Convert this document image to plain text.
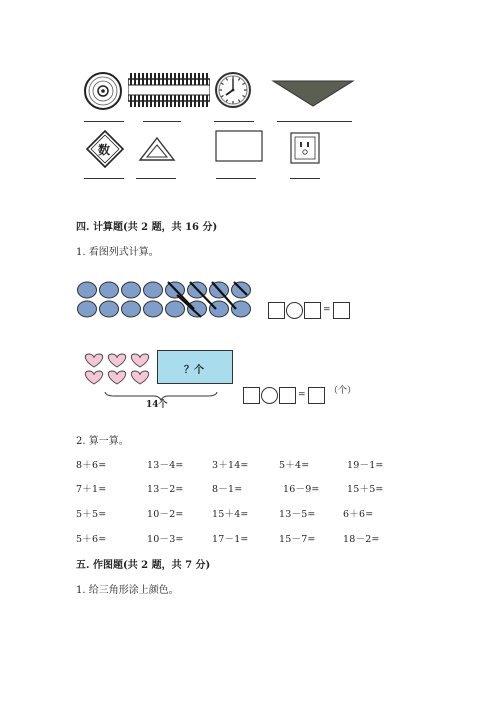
数
四. 计算题(共 2 题，共 16 分)
1. 看图列式计算。
=
？个
14个
=	（个）
2. 算一算。
8＋6=	13－4=	3＋14=	5＋4=	19－1=
7＋1=	13－2=	8－1=	16－9=	15＋5=
5＋5=	10－2=	15＋4=	13－5=	6＋6=
5＋6=	10－3=	17－1=	15－7=	18－2=
五. 作图题(共 2 题，共 7 分)
1. 给三角形涂上颜色。
